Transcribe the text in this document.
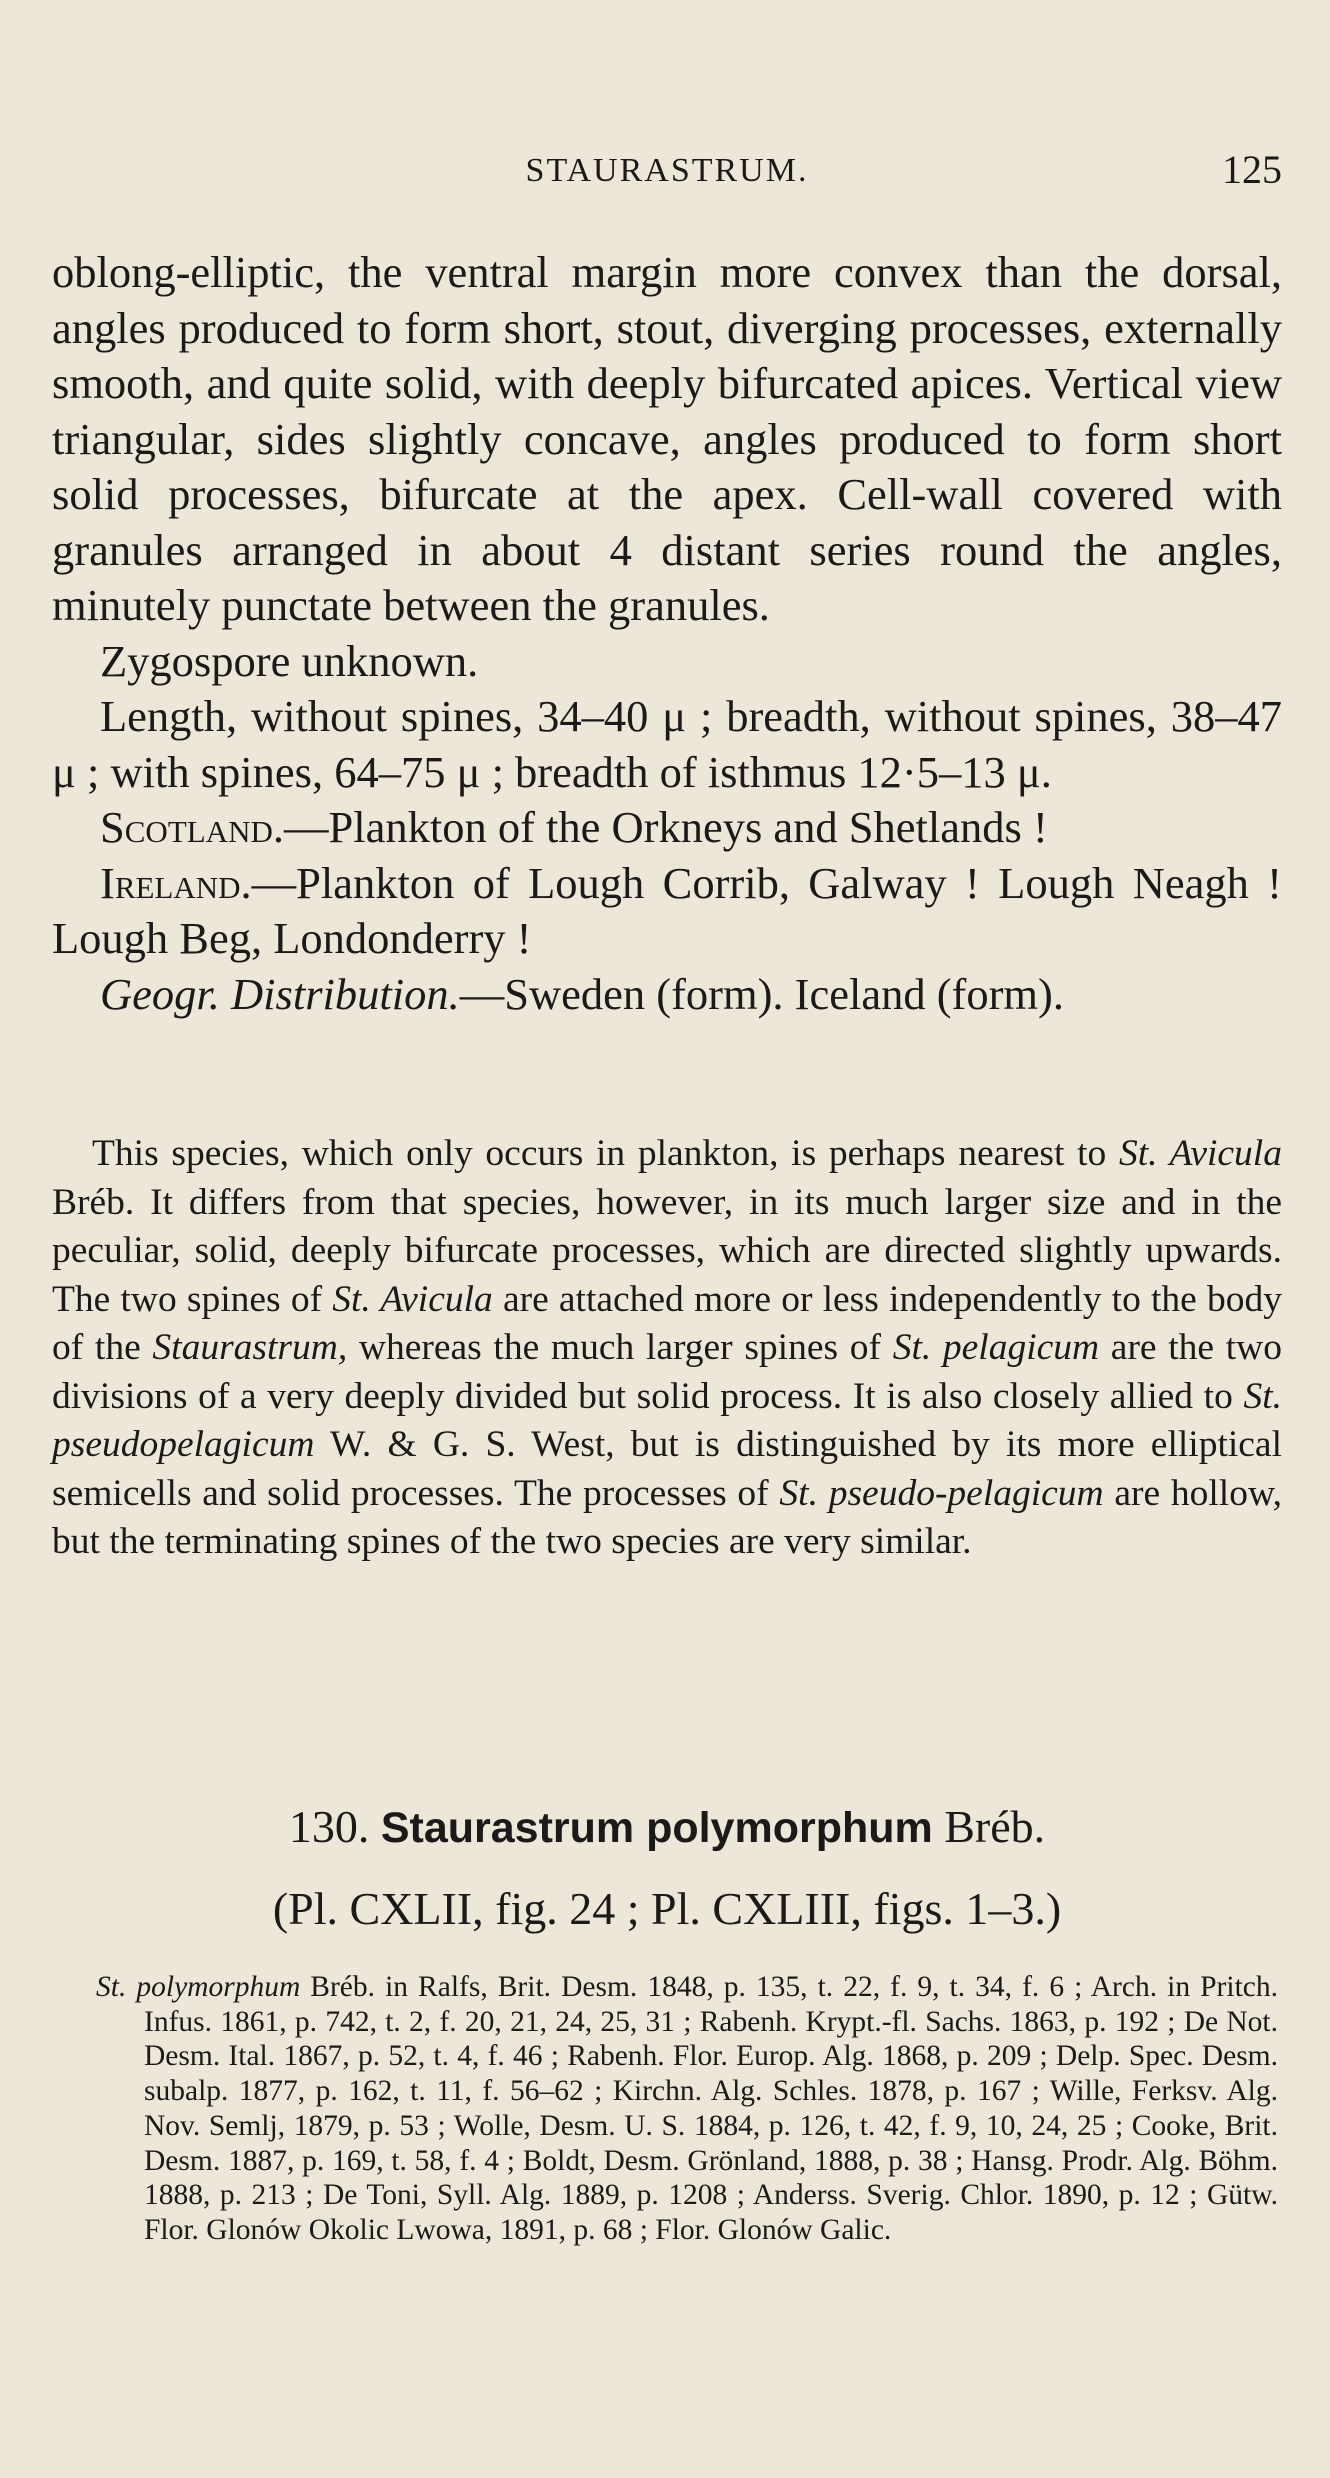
STAURASTRUM.	125

oblong-elliptic, the ventral margin more convex than the dorsal, angles produced to form short, stout, diverging processes, externally smooth, and quite solid, with deeply bifurcated apices. Vertical view triangular, sides slightly concave, angles produced to form short solid processes, bifurcate at the apex. Cell-wall covered with granules arranged in about 4 distant series round the angles, minutely punctate between the granules.

Zygospore unknown.

Length, without spines, 34–40 μ ; breadth, without spines, 38–47 μ ; with spines, 64–75 μ ; breadth of isthmus 12·5–13 μ.

Scotland.—Plankton of the Orkneys and Shetlands !

Ireland.—Plankton of Lough Corrib, Galway ! Lough Neagh ! Lough Beg, Londonderry !

Geogr. Distribution.—Sweden (form). Iceland (form).

This species, which only occurs in plankton, is perhaps nearest to St. Avicula Bréb. It differs from that species, however, in its much larger size and in the peculiar, solid, deeply bifurcate processes, which are directed slightly upwards. The two spines of St. Avicula are attached more or less independently to the body of the Staurastrum, whereas the much larger spines of St. pelagicum are the two divisions of a very deeply divided but solid process. It is also closely allied to St. pseudopelagicum W. & G. S. West, but is distinguished by its more elliptical semicells and solid processes. The processes of St. pseudo-pelagicum are hollow, but the terminating spines of the two species are very similar.

130. Staurastrum polymorphum Bréb.
(Pl. CXLII, fig. 24 ; Pl. CXLIII, figs. 1–3.)
St. polymorphum Bréb. in Ralfs, Brit. Desm. 1848, p. 135, t. 22, f. 9, t. 34, f. 6 ; Arch. in Pritch. Infus. 1861, p. 742, t. 2, f. 20, 21, 24, 25, 31 ; Rabenh. Krypt.-fl. Sachs. 1863, p. 192 ; De Not. Desm. Ital. 1867, p. 52, t. 4, f. 46 ; Rabenh. Flor. Europ. Alg. 1868, p. 209 ; Delp. Spec. Desm. subalp. 1877, p. 162, t. 11, f. 56–62 ; Kirchn. Alg. Schles. 1878, p. 167 ; Wille, Ferksv. Alg. Nov. Semlj, 1879, p. 53 ; Wolle, Desm. U. S. 1884, p. 126, t. 42, f. 9, 10, 24, 25 ; Cooke, Brit. Desm. 1887, p. 169, t. 58, f. 4 ; Boldt, Desm. Grönland, 1888, p. 38 ; Hansg. Prodr. Alg. Böhm. 1888, p. 213 ; De Toni, Syll. Alg. 1889, p. 1208 ; Anderss. Sverig. Chlor. 1890, p. 12 ; Gütw. Flor. Glonów Okolic Lwowa, 1891, p. 68 ; Flor. Glonów Galic.
